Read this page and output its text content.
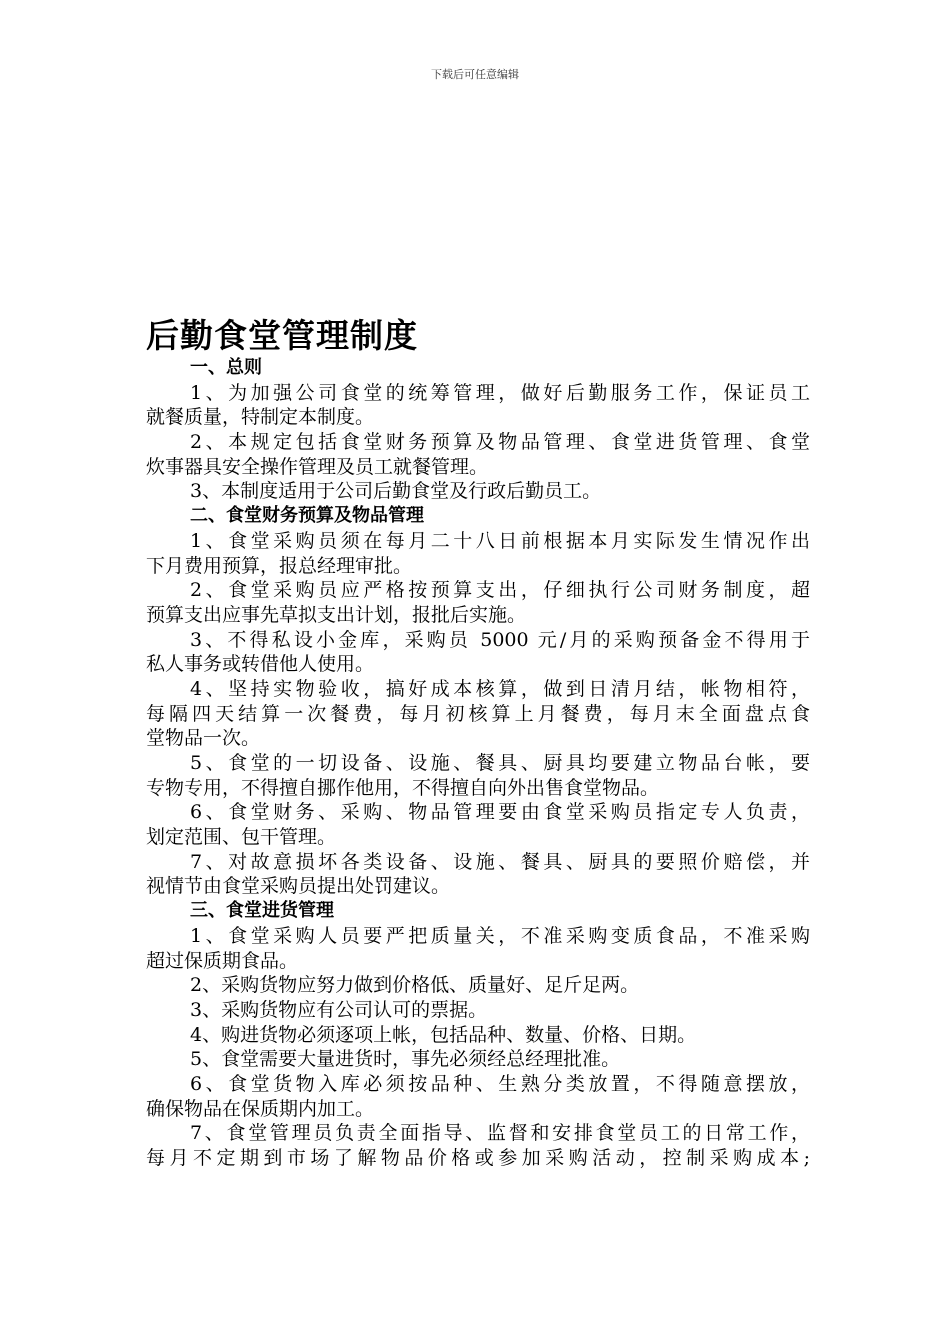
下载后可任意编辑
后勤食堂管理制度
一、总则
1、为加强公司食堂的统筹管理，做好后勤服务工作，保证员工
就餐质量，特制定本制度。
2、本规定包括食堂财务预算及物品管理、食堂进货管理、食堂
炊事器具安全操作管理及员工就餐管理。
3、本制度适用于公司后勤食堂及行政后勤员工。
二、食堂财务预算及物品管理
1、食堂采购员须在每月二十八日前根据本月实际发生情况作出
下月费用预算，报总经理审批。
2、食堂采购员应严格按预算支出，仔细执行公司财务制度，超
预算支出应事先草拟支出计划，报批后实施。
3、不得私设小金库，采购员 5000 元/月的采购预备金不得用于
私人事务或转借他人使用。
4、坚持实物验收，搞好成本核算，做到日清月结，帐物相符，
每隔四天结算一次餐费，每月初核算上月餐费，每月末全面盘点食
堂物品一次。
5、食堂的一切设备、设施、餐具、厨具均要建立物品台帐，要
专物专用，不得擅自挪作他用，不得擅自向外出售食堂物品。
6、食堂财务、采购、物品管理要由食堂采购员指定专人负责，
划定范围、包干管理。
7、对故意损坏各类设备、设施、餐具、厨具的要照价赔偿，并
视情节由食堂采购员提出处罚建议。
三、食堂进货管理
1、食堂采购人员要严把质量关，不准采购变质食品，不准采购
超过保质期食品。
2、采购货物应努力做到价格低、质量好、足斤足两。
3、采购货物应有公司认可的票据。
4、购进货物必须逐项上帐，包括品种、数量、价格、日期。
5、食堂需要大量进货时，事先必须经总经理批准。
6、食堂货物入库必须按品种、生熟分类放置，不得随意摆放，
确保物品在保质期内加工。
7、食堂管理员负责全面指导、监督和安排食堂员工的日常工作，
每月不定期到市场了解物品价格或参加采购活动，控制采购成本;
